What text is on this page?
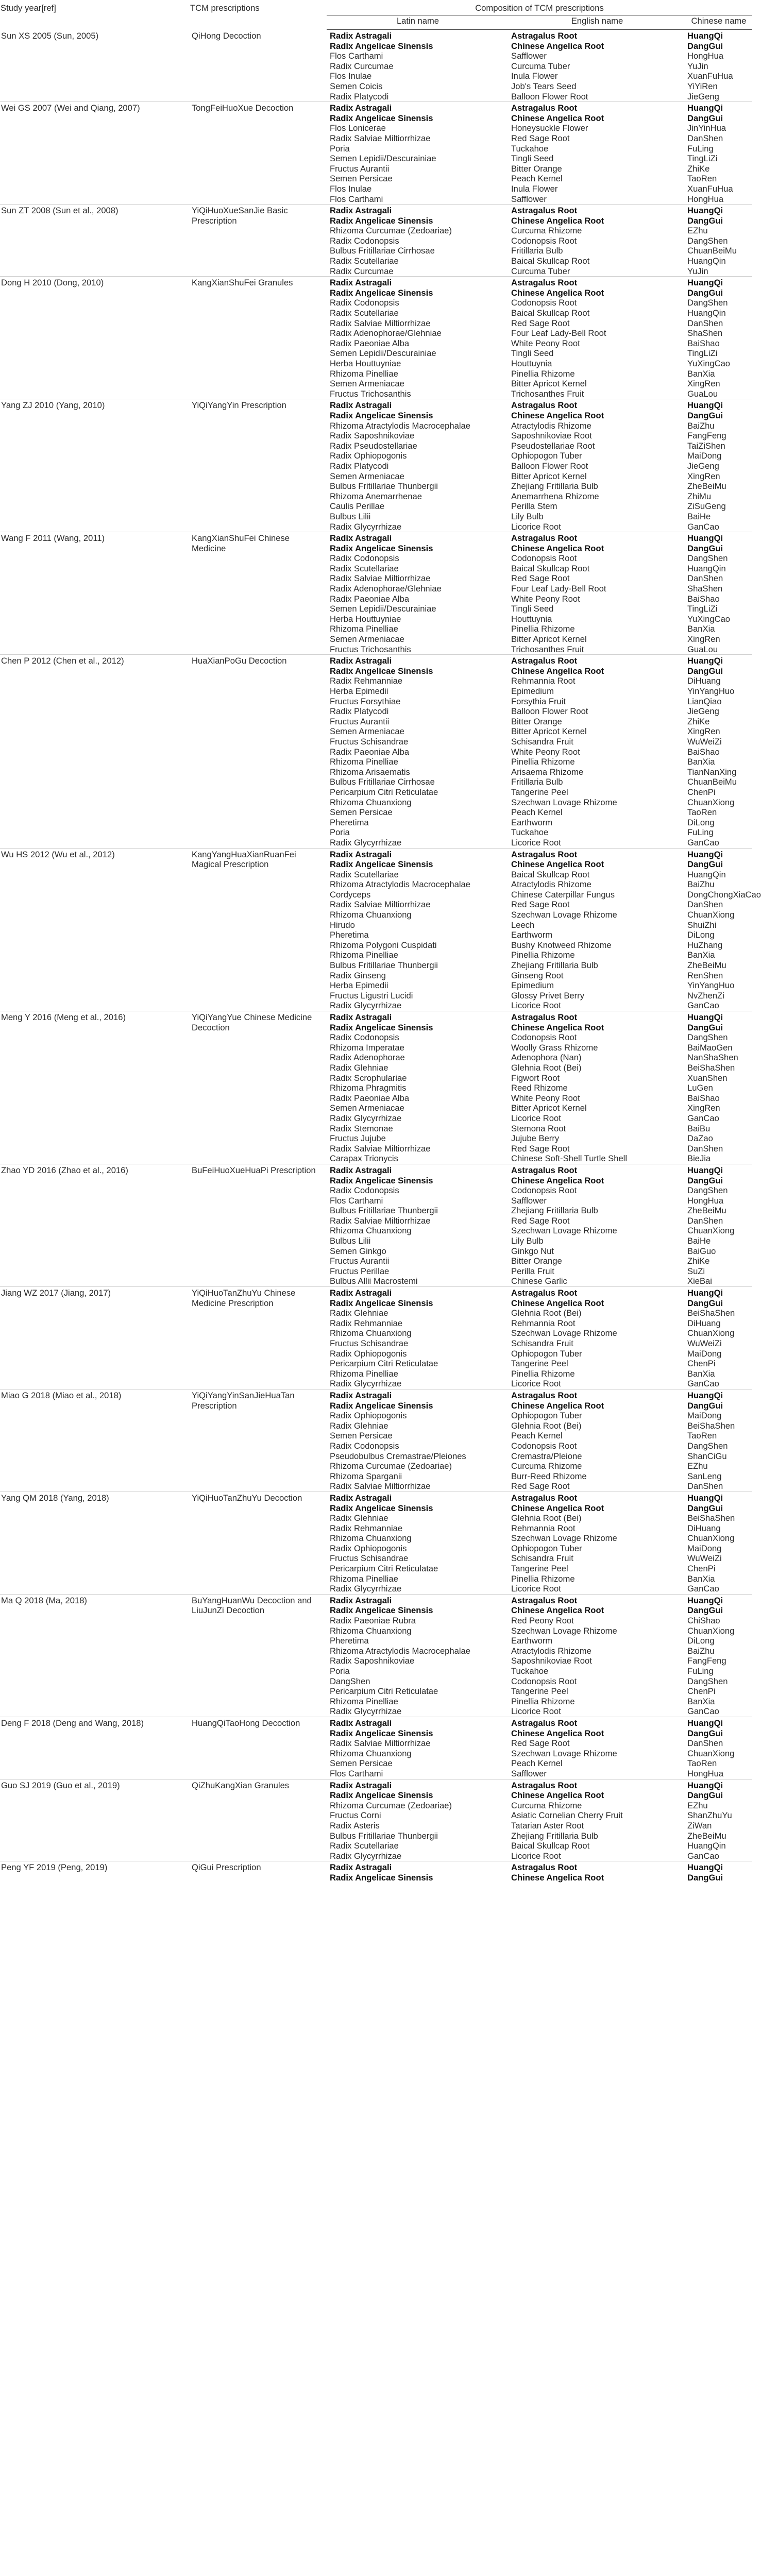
Study year[ref]	TCM prescriptions	Composition of TCM prescriptions		
		Latin name	English name	Chinese name
Sun XS 2005 (Sun, 2005)	QiHong Decoction	Radix Astragali	Astragalus Root	HuangQi
		Radix Angelicae Sinensis	Chinese Angelica Root	DangGui
		Flos Carthami	Safflower	HongHua
		Radix Curcumae	Curcuma Tuber	YuJin
		Flos Inulae	Inula Flower	XuanFuHua
		Semen Coicis	Job's Tears Seed	YiYiRen
		Radix Platycodi	Balloon Flower Root	JieGeng
Wei GS 2007 (Wei and Qiang, 2007)	TongFeiHuoXue Decoction	Radix Astragali	Astragalus Root	HuangQi
		Radix Angelicae Sinensis	Chinese Angelica Root	DangGui
		Flos Lonicerae	Honeysuckle Flower	JinYinHua
		Radix Salviae Miltiorrhizae	Red Sage Root	DanShen
		Poria	Tuckahoe	FuLing
		Semen Lepidii/Descurainiae	Tingli Seed	TingLiZi
		Fructus Aurantii	Bitter Orange	ZhiKe
		Semen Persicae	Peach Kernel	TaoRen
		Flos Inulae	Inula Flower	XuanFuHua
		Flos Carthami	Safflower	HongHua
Sun ZT 2008 (Sun et al., 2008)	YiQiHuoXueSanJie Basic Prescription	Radix Astragali	Astragalus Root	HuangQi
		Radix Angelicae Sinensis	Chinese Angelica Root	DangGui
		Rhizoma Curcumae (Zedoariae)	Curcuma Rhizome	EZhu
		Radix Codonopsis	Codonopsis Root	DangShen
		Bulbus Fritillariae Cirrhosae	Fritillaria Bulb	ChuanBeiMu
		Radix Scutellariae	Baical Skullcap Root	HuangQin
		Radix Curcumae	Curcuma Tuber	YuJin
Dong H 2010 (Dong, 2010)	KangXianShuFei Granules	Radix Astragali	Astragalus Root	HuangQi
		Radix Angelicae Sinensis	Chinese Angelica Root	DangGui
		Radix Codonopsis	Codonopsis Root	DangShen
		Radix Scutellariae	Baical Skullcap Root	HuangQin
		Radix Salviae Miltiorrhizae	Red Sage Root	DanShen
		Radix Adenophorae/Glehniae	Four Leaf Lady-Bell Root	ShaShen
		Radix Paeoniae Alba	White Peony Root	BaiShao
		Semen Lepidii/Descurainiae	Tingli Seed	TingLiZi
		Herba Houttuyniae	Houttuynia	YuXingCao
		Rhizoma Pinelliae	Pinellia Rhizome	BanXia
		Semen Armeniacae	Bitter Apricot Kernel	XingRen
		Fructus Trichosanthis	Trichosanthes Fruit	GuaLou
Yang ZJ 2010 (Yang, 2010)	YiQiYangYin Prescription	Radix Astragali	Astragalus Root	HuangQi
		Radix Angelicae Sinensis	Chinese Angelica Root	DangGui
		Rhizoma Atractylodis Macrocephalae	Atractylodis Rhizome	BaiZhu
		Radix Saposhnikoviae	Saposhnikoviae Root	FangFeng
		Radix Pseudostellariae	Pseudostellariae Root	TaiZiShen
		Radix Ophiopogonis	Ophiopogon Tuber	MaiDong
		Radix Platycodi	Balloon Flower Root	JieGeng
		Semen Armeniacae	Bitter Apricot Kernel	XingRen
		Bulbus Fritillariae Thunbergii	Zhejiang Fritillaria Bulb	ZheBeiMu
		Rhizoma Anemarrhenae	Anemarrhena Rhizome	ZhiMu
		Caulis Perillae	Perilla Stem	ZiSuGeng
		Bulbus Lilii	Lily Bulb	BaiHe
		Radix Glycyrrhizae	Licorice Root	GanCao
Wang F 2011 (Wang, 2011)	KangXianShuFei Chinese Medicine	Radix Astragali	Astragalus Root	HuangQi
		Radix Angelicae Sinensis	Chinese Angelica Root	DangGui
		Radix Codonopsis	Codonopsis Root	DangShen
		Radix Scutellariae	Baical Skullcap Root	HuangQin
		Radix Salviae Miltiorrhizae	Red Sage Root	DanShen
		Radix Adenophorae/Glehniae	Four Leaf Lady-Bell Root	ShaShen
		Radix Paeoniae Alba	White Peony Root	BaiShao
		Semen Lepidii/Descurainiae	Tingli Seed	TingLiZi
		Herba Houttuyniae	Houttuynia	YuXingCao
		Rhizoma Pinelliae	Pinellia Rhizome	BanXia
		Semen Armeniacae	Bitter Apricot Kernel	XingRen
		Fructus Trichosanthis	Trichosanthes Fruit	GuaLou
Chen P 2012 (Chen et al., 2012)	HuaXianPoGu Decoction	Radix Astragali	Astragalus Root	HuangQi
		Radix Angelicae Sinensis	Chinese Angelica Root	DangGui
		Radix Rehmanniae	Rehmannia Root	DiHuang
		Herba Epimedii	Epimedium	YinYangHuo
		Fructus Forsythiae	Forsythia Fruit	LianQiao
		Radix Platycodi	Balloon Flower Root	JieGeng
		Fructus Aurantii	Bitter Orange	ZhiKe
		Semen Armeniacae	Bitter Apricot Kernel	XingRen
		Fructus Schisandrae	Schisandra Fruit	WuWeiZi
		Radix Paeoniae Alba	White Peony Root	BaiShao
		Rhizoma Pinelliae	Pinellia Rhizome	BanXia
		Rhizoma Arisaematis	Arisaema Rhizome	TianNanXing
		Bulbus Fritillariae Cirrhosae	Fritillaria Bulb	ChuanBeiMu
		Pericarpium Citri Reticulatae	Tangerine Peel	ChenPi
		Rhizoma Chuanxiong	Szechwan Lovage Rhizome	ChuanXiong
		Semen Persicae	Peach Kernel	TaoRen
		Pheretima	Earthworm	DiLong
		Poria	Tuckahoe	FuLing
		Radix Glycyrrhizae	Licorice Root	GanCao
Wu HS 2012 (Wu et al., 2012)	KangYangHuaXianRuanFei Magical Prescription	Radix Astragali	Astragalus Root	HuangQi
		Radix Angelicae Sinensis	Chinese Angelica Root	DangGui
		Radix Scutellariae	Baical Skullcap Root	HuangQin
		Rhizoma Atractylodis Macrocephalae	Atractylodis Rhizome	BaiZhu
		Cordyceps	Chinese Caterpillar Fungus	DongChongXiaCao
		Radix Salviae Miltiorrhizae	Red Sage Root	DanShen
		Rhizoma Chuanxiong	Szechwan Lovage Rhizome	ChuanXiong
		Hirudo	Leech	ShuiZhi
		Pheretima	Earthworm	DiLong
		Rhizoma Polygoni Cuspidati	Bushy Knotweed Rhizome	HuZhang
		Rhizoma Pinelliae	Pinellia Rhizome	BanXia
		Bulbus Fritillariae Thunbergii	Zhejiang Fritillaria Bulb	ZheBeiMu
		Radix Ginseng	Ginseng Root	RenShen
		Herba Epimedii	Epimedium	YinYangHuo
		Fructus Ligustri Lucidi	Glossy Privet Berry	NvZhenZi
		Radix Glycyrrhizae	Licorice Root	GanCao
Meng Y 2016 (Meng et al., 2016)	YiQiYangYue Chinese Medicine Decoction	Radix Astragali	Astragalus Root	HuangQi
		Radix Angelicae Sinensis	Chinese Angelica Root	DangGui
		Radix Codonopsis	Codonopsis Root	DangShen
		Rhizoma Imperatae	Woolly Grass Rhizome	BaiMaoGen
		Radix Adenophorae	Adenophora (Nan)	NanShaShen
		Radix Glehniae	Glehnia Root (Bei)	BeiShaShen
		Radix Scrophulariae	Figwort Root	XuanShen
		Rhizoma Phragmitis	Reed Rhizome	LuGen
		Radix Paeoniae Alba	White Peony Root	BaiShao
		Semen Armeniacae	Bitter Apricot Kernel	XingRen
		Radix Glycyrrhizae	Licorice Root	GanCao
		Radix Stemonae	Stemona Root	BaiBu
		Fructus Jujube	Jujube Berry	DaZao
		Radix Salviae Miltiorrhizae	Red Sage Root	DanShen
		Carapax Trionycis	Chinese Soft-Shell Turtle Shell	BieJia
Zhao YD 2016 (Zhao et al., 2016)	BuFeiHuoXueHuaPi Prescription	Radix Astragali	Astragalus Root	HuangQi
		Radix Angelicae Sinensis	Chinese Angelica Root	DangGui
		Radix Codonopsis	Codonopsis Root	DangShen
		Flos Carthami	Safflower	HongHua
		Bulbus Fritillariae Thunbergii	Zhejiang Fritillaria Bulb	ZheBeiMu
		Radix Salviae Miltiorrhizae	Red Sage Root	DanShen
		Rhizoma Chuanxiong	Szechwan Lovage Rhizome	ChuanXiong
		Bulbus Lilii	Lily Bulb	BaiHe
		Semen Ginkgo	Ginkgo Nut	BaiGuo
		Fructus Aurantii	Bitter Orange	ZhiKe
		Fructus Perillae	Perilla Fruit	SuZi
		Bulbus Allii Macrostemi	Chinese Garlic	XieBai
Jiang WZ 2017 (Jiang, 2017)	YiQiHuoTanZhuYu Chinese Medicine Prescription	Radix Astragali	Astragalus Root	HuangQi
		Radix Angelicae Sinensis	Chinese Angelica Root	DangGui
		Radix Glehniae	Glehnia Root (Bei)	BeiShaShen
		Radix Rehmanniae	Rehmannia Root	DiHuang
		Rhizoma Chuanxiong	Szechwan Lovage Rhizome	ChuanXiong
		Fructus Schisandrae	Schisandra Fruit	WuWeiZi
		Radix Ophiopogonis	Ophiopogon Tuber	MaiDong
		Pericarpium Citri Reticulatae	Tangerine Peel	ChenPi
		Rhizoma Pinelliae	Pinellia Rhizome	BanXia
		Radix Glycyrrhizae	Licorice Root	GanCao
Miao G 2018 (Miao et al., 2018)	YiQiYangYinSanJieHuaTan Prescription	Radix Astragali	Astragalus Root	HuangQi
		Radix Angelicae Sinensis	Chinese Angelica Root	DangGui
		Radix Ophiopogonis	Ophiopogon Tuber	MaiDong
		Radix Glehniae	Glehnia Root (Bei)	BeiShaShen
		Semen Persicae	Peach Kernel	TaoRen
		Radix Codonopsis	Codonopsis Root	DangShen
		Pseudobulbus Cremastrae/Pleiones	Cremastra/Pleione	ShanCiGu
		Rhizoma Curcumae (Zedoariae)	Curcuma Rhizome	EZhu
		Rhizoma Sparganii	Burr-Reed Rhizome	SanLeng
		Radix Salviae Miltiorrhizae	Red Sage Root	DanShen
Yang QM 2018 (Yang, 2018)	YiQiHuoTanZhuYu Decoction	Radix Astragali	Astragalus Root	HuangQi
		Radix Angelicae Sinensis	Chinese Angelica Root	DangGui
		Radix Glehniae	Glehnia Root (Bei)	BeiShaShen
		Radix Rehmanniae	Rehmannia Root	DiHuang
		Rhizoma Chuanxiong	Szechwan Lovage Rhizome	ChuanXiong
		Radix Ophiopogonis	Ophiopogon Tuber	MaiDong
		Fructus Schisandrae	Schisandra Fruit	WuWeiZi
		Pericarpium Citri Reticulatae	Tangerine Peel	ChenPi
		Rhizoma Pinelliae	Pinellia Rhizome	BanXia
		Radix Glycyrrhizae	Licorice Root	GanCao
Ma Q 2018 (Ma, 2018)	BuYangHuanWu Decoction and LiuJunZi Decoction	Radix Astragali	Astragalus Root	HuangQi
		Radix Angelicae Sinensis	Chinese Angelica Root	DangGui
		Radix Paeoniae Rubra	Red Peony Root	ChiShao
		Rhizoma Chuanxiong	Szechwan Lovage Rhizome	ChuanXiong
		Pheretima	Earthworm	DiLong
		Rhizoma Atractylodis Macrocephalae	Atractylodis Rhizome	BaiZhu
		Radix Saposhnikoviae	Saposhnikoviae Root	FangFeng
		Poria	Tuckahoe	FuLing
		DangShen	Codonopsis Root	DangShen
		Pericarpium Citri Reticulatae	Tangerine Peel	ChenPi
		Rhizoma Pinelliae	Pinellia Rhizome	BanXia
		Radix Glycyrrhizae	Licorice Root	GanCao
Deng F 2018 (Deng and Wang, 2018)	HuangQiTaoHong Decoction	Radix Astragali	Astragalus Root	HuangQi
		Radix Angelicae Sinensis	Chinese Angelica Root	DangGui
		Radix Salviae Miltiorrhizae	Red Sage Root	DanShen
		Rhizoma Chuanxiong	Szechwan Lovage Rhizome	ChuanXiong
		Semen Persicae	Peach Kernel	TaoRen
		Flos Carthami	Safflower	HongHua
Guo SJ 2019 (Guo et al., 2019)	QiZhuKangXian Granules	Radix Astragali	Astragalus Root	HuangQi
		Radix Angelicae Sinensis	Chinese Angelica Root	DangGui
		Rhizoma Curcumae (Zedoariae)	Curcuma Rhizome	EZhu
		Fructus Corni	Asiatic Cornelian Cherry Fruit	ShanZhuYu
		Radix Asteris	Tatarian Aster Root	ZiWan
		Bulbus Fritillariae Thunbergii	Zhejiang Fritillaria Bulb	ZheBeiMu
		Radix Scutellariae	Baical Skullcap Root	HuangQin
		Radix Glycyrrhizae	Licorice Root	GanCao
Peng YF 2019 (Peng, 2019)	QiGui Prescription	Radix Astragali	Astragalus Root	HuangQi
		Radix Angelicae Sinensis	Chinese Angelica Root	DangGui
